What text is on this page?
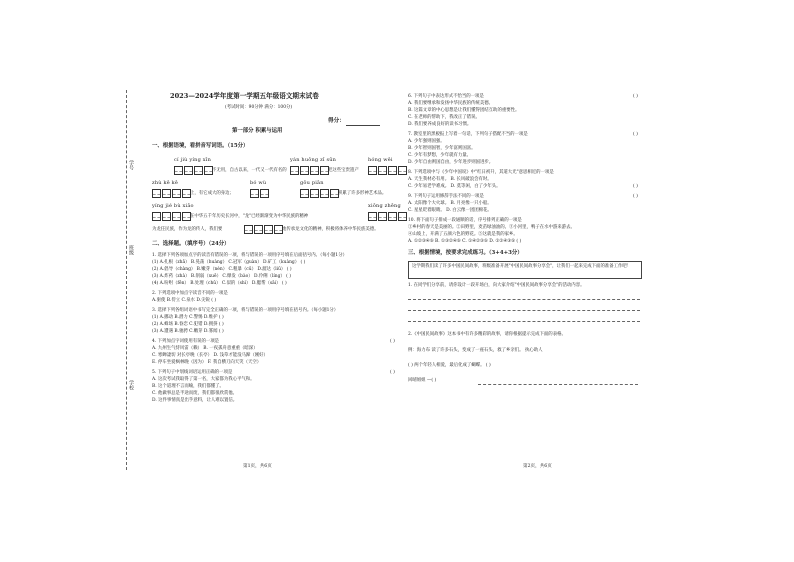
学号
班级
学校
2023—2024学年度第一学期五年级语文期末试卷
(考试时间：90分钟 满分：100分)
得分：
第一部分 积累与运用
一、根据语境，看拼音写词语。（15分）
cí jiù yíng xīn	yán huǒng zǐ sūn	hóng wěi
不无用，自古以来，一代又一代有名的	把这些宝贵遗产
zhù kě kě	bó wù	gǒu piān
上，有它成大的身边；	积累了许多形神艺术品。
yíng jié bù xiǎo	xiōng zhēng
在中华五千年历史长河中，"龙"已经渐渐变为中华民族的精神
为龙任民族，作为龙的传人，我们要	地传承龙文化的精神，积极将体养中华民族美德。
二、选择题。（填序号）（24分）
1. 选择下列各项加点字的读音有错误的一项，将与错误的一项用序号填在后面括号内。（每小题1分）
(1) A.扎根（zhā） B.晃荡（huàng） C.冠军（guàn） D.矿工（kuàng） ( )
(2) A.倡导（chàng） B.嫩芽（nèn） C.粗暴（cū） D.溜达（liū） ( )
(3) A.炸药（zhà） B.削弱（xuē） C.爆发（bào） D.伶俐（líng） ( )
(4) A.吩咐（fēn） B.处理（chǔ） C.似的（shì） D.腮帮（sāi） ( )
2. 下列选项中加点字读音不同的一项是
A.驱使 B.侍立 C.泉水 D.尖锐 ( )
3. 选择下列各组词语中书写完全正确的一项，将与错误的一项用序号填在括号内。（每小题1分）
(1) A.挪动 B.潜力 C.警惕 D.维护 ( )
(2) A.蜂场 B.眷恋 C.犯错 D.拥挤 ( )
(3) A.遭遇 B.驰骋 C.嫩芽 D.寡闻 ( )
4. 下列加点字词使用有误的一项是	( )
A. 九州生气恃风雷（赖） B. 一夜孤舟意重重（暗深）
C. 寒蝉凄切 对长亭晚（长亭） D. 浅草才能没马蹄（刚好）
E. 停车坐爱枫林晚（因为） F. 我自横刀向天笑（天空）
5. 下列句子中划线词语运用正确的一项是	( )
A. 这次考试我取得了第一名，大家都为我心平气和。
B. 这个道理不言而喻，我们都懂了。
C. 他做事总是半途而废，我们都很欣赏他。
D. 这件事情真是出乎意料，让人难以置信。
第1页，共6页
6. 下列句子中表达形式不恰当的一项是	( )
A. 我们要继承和发扬中华民族的传统美德。
B. 这篇文章的中心思想是让我们懂得团结互助的重要性。
C. 在老师的帮助下，我改正了错误。
D. 我们要养成良好的读书习惯。
7. 教室里的黑板报上写着一句话，下列句子搭配不当的一项是	( )
A. 少年强则国强。
B. 少年智则国智，少年富则国富。
C. 少年有梦想，少年就有力量。
D. 少年自由则国自由，少年进步则国进步。
8. 下列选项中与《少年中国说》中"红日初升，其道大光"意思相近的一项是
A. 天生我材必有用。 B. 长风破浪会有时。
C. 少年易老学难成。 D. 莫等闲，白了少年头。	( )
9. 下列句子运用修辞手法不同的一项是	( )
A. 太阳像个大火球。 B. 月亮像一只小船。
C. 星星眨着眼睛。 D. 白云像一团团棉花。
10. 将下面句子排成一段通顺的话，序号排列正确的一项是
①乡村的春天是美丽的。②田野里，麦苗绿油油的。③小河里，鸭子在水中游来游去。
④山坡上，开满了五颜六色的野花。⑤这就是我的家乡。
A. ①②③④⑤ B. ①③②④⑤ C. ①④②③⑤ D. ①②④③⑤ ( )
三、根据情境，按要求完成练习。（3+4+3分）
这学期我们读了许多中国民间故事，班级准备开展"中国民间故事分享会"，让我们一起来完成下面的准备工作吧！
1. 在同学们分享前，请你设计一段开场白，向大家介绍"中国民间故事分享会"的活动内容。
2.《中国民间故事》这本书中有许多精彩的故事，请你根据提示完成下面的表格。
例：海力布 读了许多石头，变成了一座石头，救了乡亲们。 执心助人
( ) 两个年轻人相爱，最后化成了蝴蝶。 ( )
回晴姐姐 —( )
第2页，共6页
